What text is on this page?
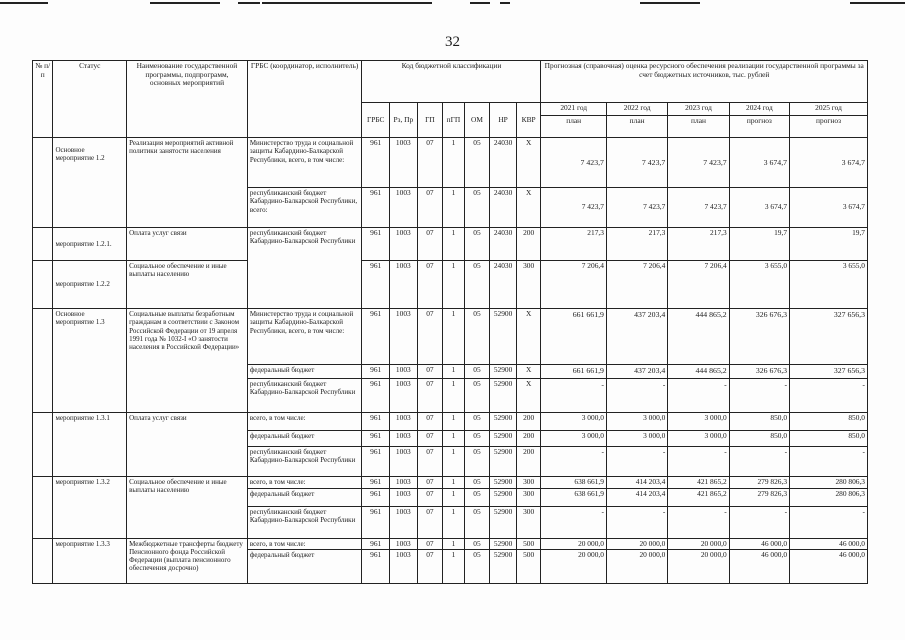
32
№ п/п	Статус	Наименование государственной программы, подпрограмм, основных мероприятий	ГРБС (координатор, исполнитель)	Код бюджетной классификации							Прогнозная (справочная) оценка ресурсного обеспечения реализации государственной программы за счет бюджетных источников, тыс. рублей				
				ГРБС	Рз, Пр	ГП	пГП	ОМ	НР	КВР	2021 год	2022 год	2023 год	2024 год	2025 год
											план	план	план	прогноз	прогноз
	Основное мероприятие 1.2	Реализация мероприятий активной политики занятости населения	Министерство труда и социальной защиты Кабардино-Балкарской Республики, всего, в том числе:	961	1003	07	1	05	24030	Х	7 423,7	7 423,7	7 423,7	3 674,7	3 674,7
			республиканский бюджет Кабардино-Балкарской Республики, всего:	961	1003	07	1	05	24030	Х	7 423,7	7 423,7	7 423,7	3 674,7	3 674,7
	мероприятие 1.2.1.	Оплата услуг связи	республиканский бюджет Кабардино-Балкарской Республики	961	1003	07	1	05	24030	200	217,3	217,3	217,3	19,7	19,7
	мероприятие 1.2.2	Социальное обеспечение и иные выплаты населению		961	1003	07	1	05	24030	300	7 206,4	7 206,4	7 206,4	3 655,0	3 655,0
	Основное мероприятие 1.3	Социальные выплаты безработным гражданам в соответствии с Законом Российской Федерации от 19 апреля 1991 года № 1032-I «О занятости населения в Российской Федерации»	Министерство труда и социальной защиты Кабардино-Балкарской Республики, всего, в том числе:	961	1003	07	1	05	52900	Х	661 661,9	437 203,4	444 865,2	326 676,3	327 656,3
			федеральный бюджет	961	1003	07	1	05	52900	Х	661 661,9	437 203,4	444 865,2	326 676,3	327 656,3
			республиканский бюджет Кабардино-Балкарской Республики	961	1003	07	1	05	52900	Х	-	-	-	-	-
	мероприятие 1.3.1	Оплата услуг связи	всего, в том числе:	961	1003	07	1	05	52900	200	3 000,0	3 000,0	3 000,0	850,0	850,0
			федеральный бюджет	961	1003	07	1	05	52900	200	3 000,0	3 000,0	3 000,0	850,0	850,0
			республиканский бюджет Кабардино-Балкарской Республики	961	1003	07	1	05	52900	200	-	-	-	-	-
	мероприятие 1.3.2	Социальное обеспечение и иные выплаты населению	всего, в том числе:	961	1003	07	1	05	52900	300	638 661,9	414 203,4	421 865,2	279 826,3	280 806,3
			федеральный бюджет	961	1003	07	1	05	52900	300	638 661,9	414 203,4	421 865,2	279 826,3	280 806,3
			республиканский бюджет Кабардино-Балкарской Республики	961	1003	07	1	05	52900	300	-	-	-	-	-
	мероприятие 1.3.3	Межбюджетные трансферты бюджету Пенсионного фонда Российской Федерации (выплата пенсионного обеспечения досрочно)	всего, в том числе:	961	1003	07	1	05	52900	500	20 000,0	20 000,0	20 000,0	46 000,0	46 000,0
			федеральный бюджет	961	1003	07	1	05	52900	500	20 000,0	20 000,0	20 000,0	46 000,0	46 000,0
